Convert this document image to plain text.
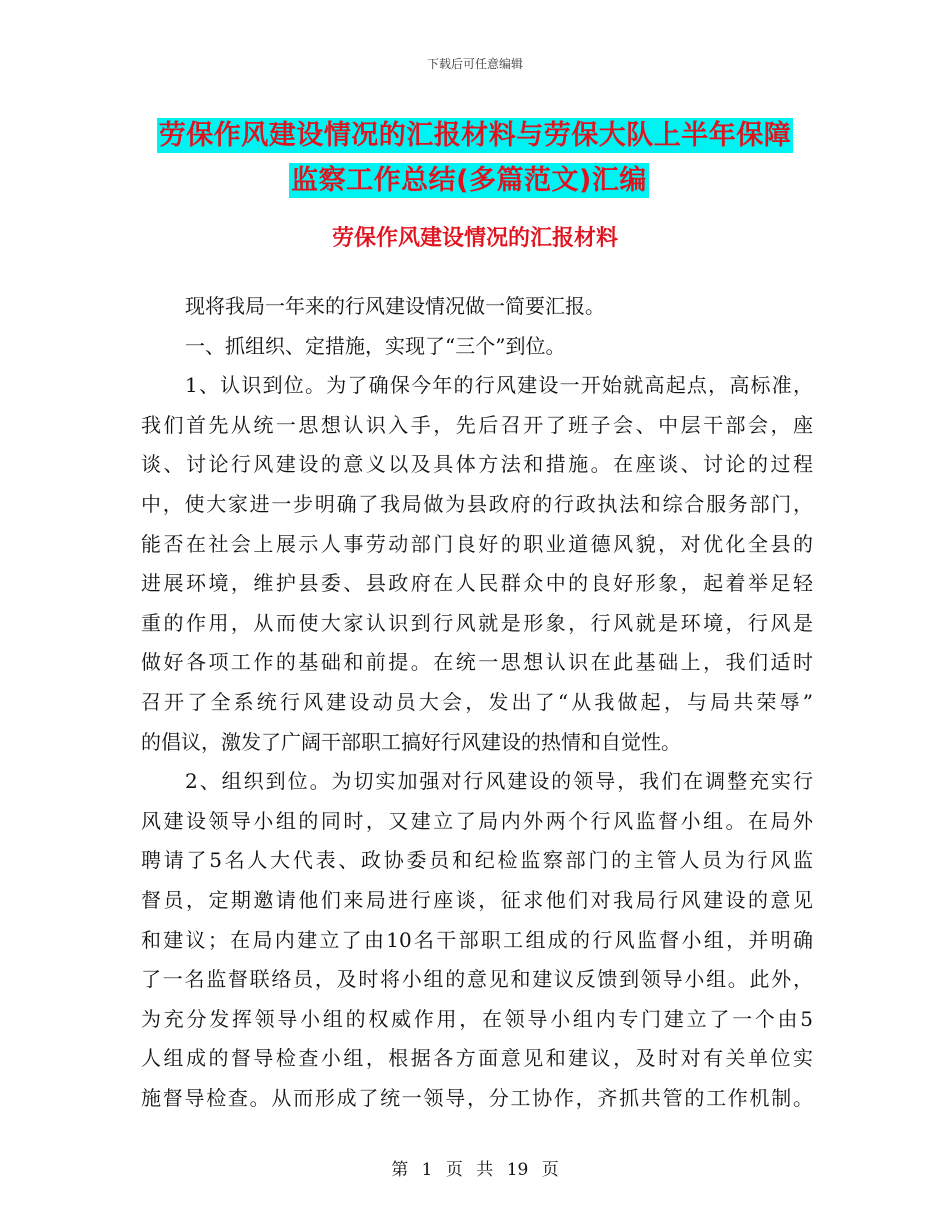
下载后可任意编辑
劳保作风建设情况的汇报材料与劳保大队上半年保障
监察工作总结(多篇范文)汇编
劳保作风建设情况的汇报材料
现将我局一年来的行风建设情况做一简要汇报。
一、抓组织、定措施，实现了“三个”到位。
1、认识到位。为了确保今年的行风建设一开始就高起点，高标准，
我们首先从统一思想认识入手，先后召开了班子会、中层干部会，座
谈、讨论行风建设的意义以及具体方法和措施。在座谈、讨论的过程
中，使大家进一步明确了我局做为县政府的行政执法和综合服务部门，
能否在社会上展示人事劳动部门良好的职业道德风貌，对优化全县的
进展环境，维护县委、县政府在人民群众中的良好形象，起着举足轻
重的作用，从而使大家认识到行风就是形象，行风就是环境，行风是
做好各项工作的基础和前提。在统一思想认识在此基础上，我们适时
召开了全系统行风建设动员大会，发出了“从我做起，与局共荣辱”
的倡议，激发了广阔干部职工搞好行风建设的热情和自觉性。
2、组织到位。为切实加强对行风建设的领导，我们在调整充实行
风建设领导小组的同时，又建立了局内外两个行风监督小组。在局外
聘请了5名人大代表、政协委员和纪检监察部门的主管人员为行风监
督员，定期邀请他们来局进行座谈，征求他们对我局行风建设的意见
和建议；在局内建立了由10名干部职工组成的行风监督小组，并明确
了一名监督联络员，及时将小组的意见和建议反馈到领导小组。此外，
为充分发挥领导小组的权威作用，在领导小组内专门建立了一个由5
人组成的督导检查小组，根据各方面意见和建议，及时对有关单位实
施督导检查。从而形成了统一领导，分工协作，齐抓共管的工作机制。
第 1 页 共 19 页
